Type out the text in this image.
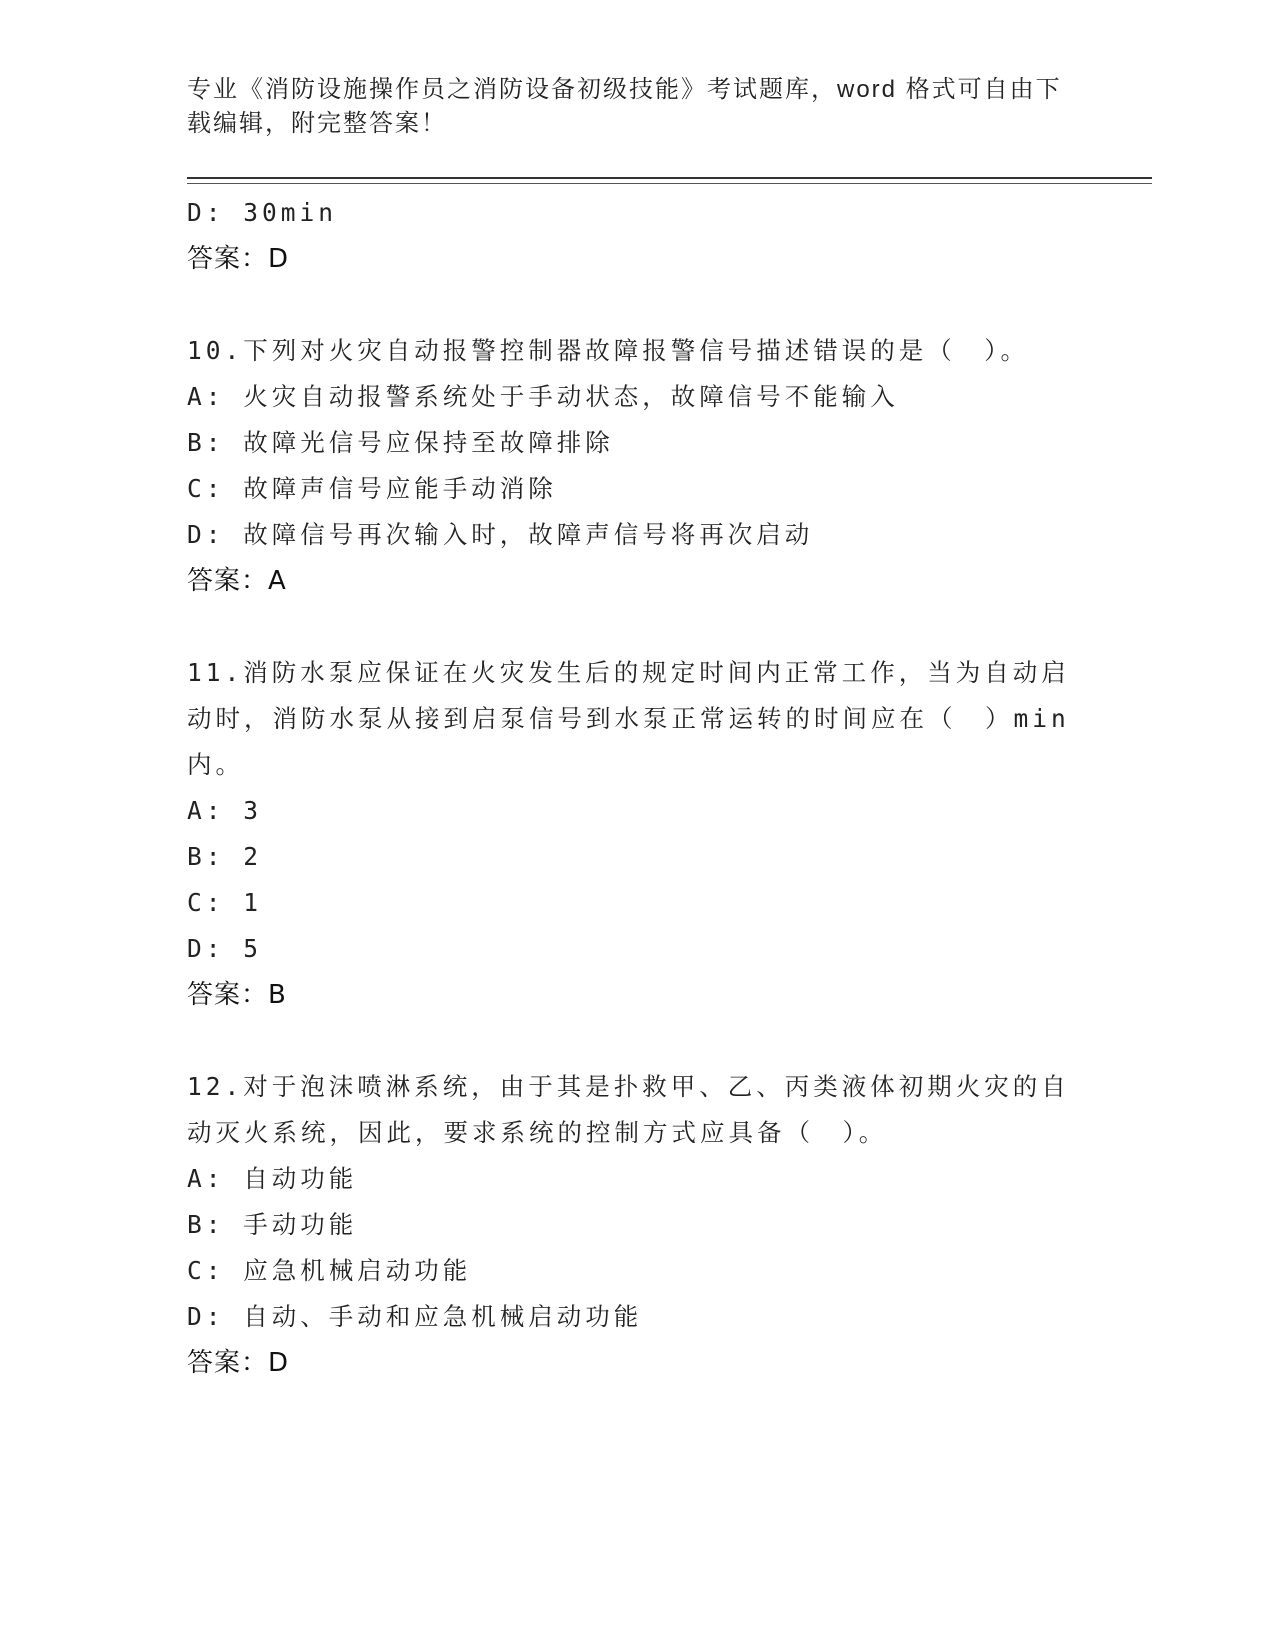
专业《消防设施操作员之消防设备初级技能》考试题库，word 格式可自由下载编辑，附完整答案！
D: 30min
答案：D
10.下列对火灾自动报警控制器故障报警信号描述错误的是（　）。
A: 火灾自动报警系统处于手动状态，故障信号不能输入
B: 故障光信号应保持至故障排除
C: 故障声信号应能手动消除
D: 故障信号再次输入时，故障声信号将再次启动
答案：A
11.消防水泵应保证在火灾发生后的规定时间内正常工作，当为自动启
动时，消防水泵从接到启泵信号到水泵正常运转的时间应在（　）min
内。
A: 3
B: 2
C: 1
D: 5
答案：B
12.对于泡沫喷淋系统，由于其是扑救甲、乙、丙类液体初期火灾的自
动灭火系统，因此，要求系统的控制方式应具备（　）。
A: 自动功能
B: 手动功能
C: 应急机械启动功能
D: 自动、手动和应急机械启动功能
答案：D
